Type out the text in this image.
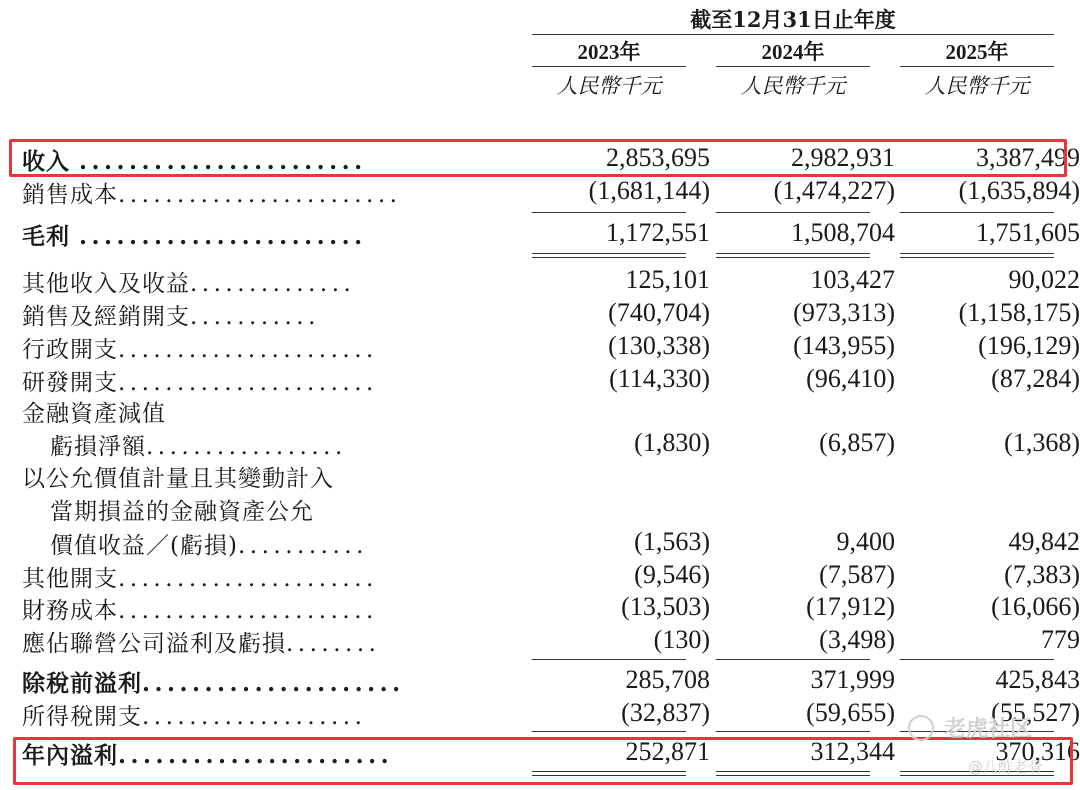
截至12月31日止年度
2023年	2024年	2025年
人民幣千元	人民幣千元	人民幣千元
收入 .......................	2,853,695	2,982,931	3,387,499
銷售成本........................	(1,681,144)	(1,474,227)	(1,635,894)
毛利 .......................	1,172,551	1,508,704	1,751,605
其他收入及收益..............	125,101	103,427	90,022
銷售及經銷開支...........	(740,704)	(973,313)	(1,158,175)
行政開支......................	(130,338)	(143,955)	(196,129)
研發開支......................	(114,330)	(96,410)	(87,284)
金融資產減值
虧損淨額.................	(1,830)	(6,857)	(1,368)
以公允價值計量且其變動計入
當期損益的金融資產公允
價值收益／(虧損)...........	(1,563)	9,400	49,842
其他開支......................	(9,546)	(7,587)	(7,383)
財務成本......................	(13,503)	(17,912)	(16,066)
應佔聯營公司溢利及虧損........	(130)	(3,498)	779
除稅前溢利.....................	285,708	371,999	425,843
所得稅開支...................	(32,837)	(59,655)	(55,527)
年內溢利......................	252,871	312,344	370,316
老虎社区
@八酢老骨
